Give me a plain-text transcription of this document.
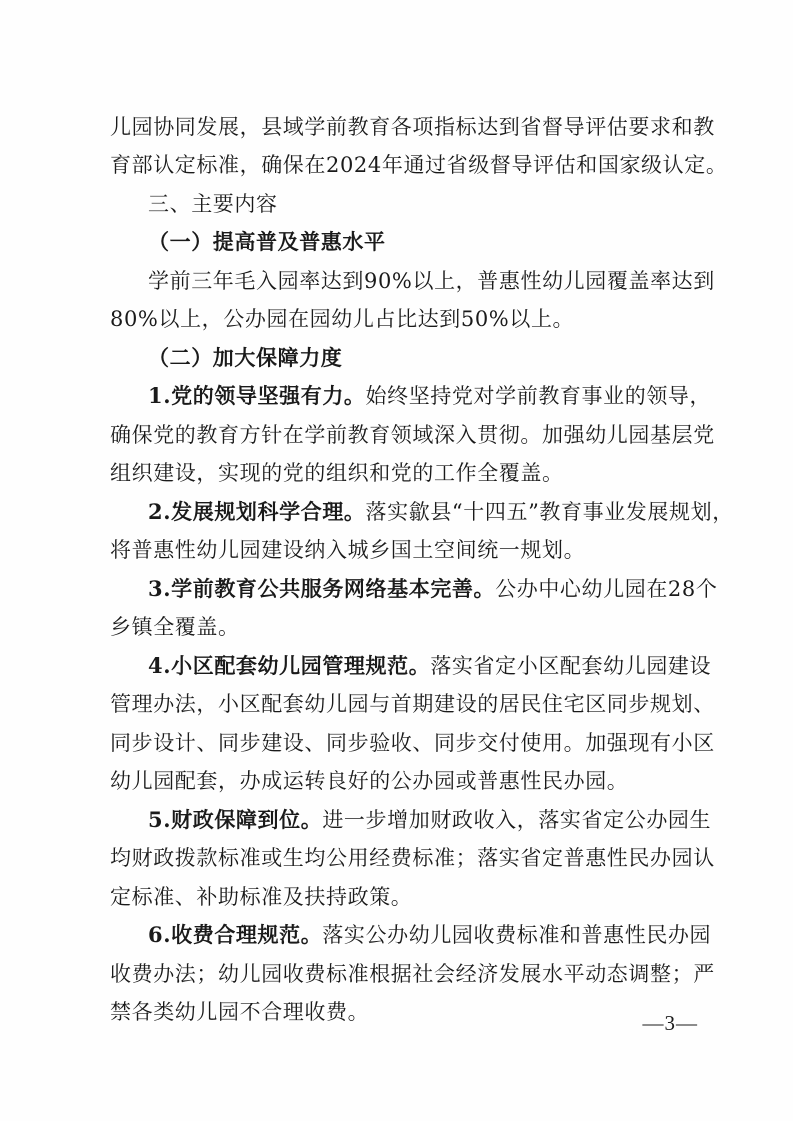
儿园协同发展，县域学前教育各项指标达到省督导评估要求和教
育部认定标准，确保在2024年通过省级督导评估和国家级认定。
三、主要内容
（一）提高普及普惠水平
学前三年毛入园率达到90%以上，普惠性幼儿园覆盖率达到
80%以上，公办园在园幼儿占比达到50%以上。
（二）加大保障力度
1.党的领导坚强有力。始终坚持党对学前教育事业的领导，
确保党的教育方针在学前教育领域深入贯彻。加强幼儿园基层党
组织建设，实现的党的组织和党的工作全覆盖。
2.发展规划科学合理。落实歙县“十四五”教育事业发展规划，
将普惠性幼儿园建设纳入城乡国土空间统一规划。
3.学前教育公共服务网络基本完善。公办中心幼儿园在28个
乡镇全覆盖。
4.小区配套幼儿园管理规范。落实省定小区配套幼儿园建设
管理办法，小区配套幼儿园与首期建设的居民住宅区同步规划、
同步设计、同步建设、同步验收、同步交付使用。加强现有小区
幼儿园配套，办成运转良好的公办园或普惠性民办园。
5.财政保障到位。进一步增加财政收入，落实省定公办园生
均财政拨款标准或生均公用经费标准；落实省定普惠性民办园认
定标准、补助标准及扶持政策。
6.收费合理规范。落实公办幼儿园收费标准和普惠性民办园
收费办法；幼儿园收费标准根据社会经济发展水平动态调整；严
禁各类幼儿园不合理收费。	—3—
